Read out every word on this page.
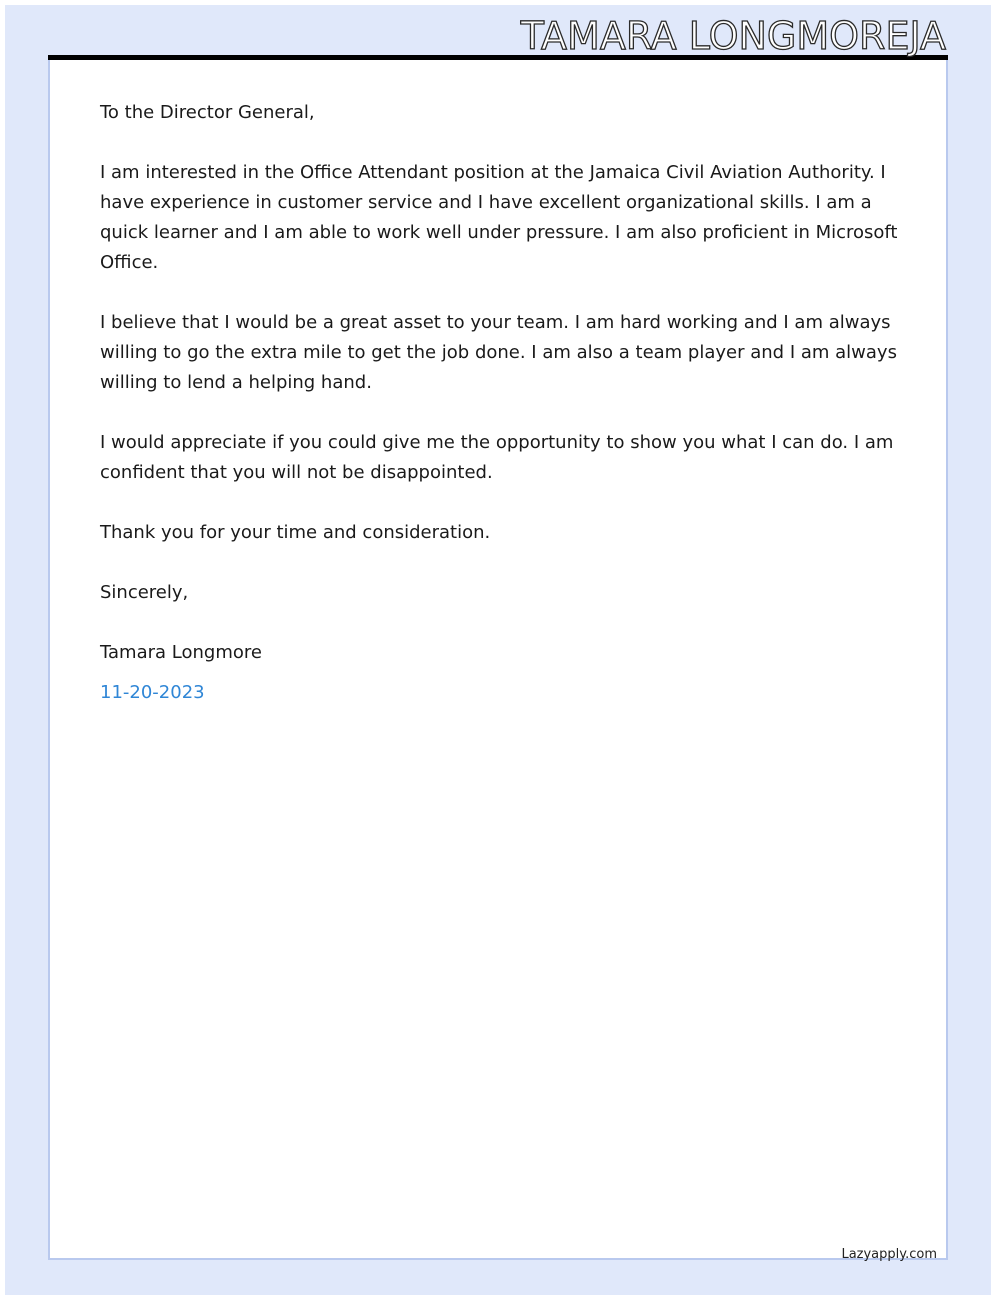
TAMARA LONGMOREJA

To the Director General,

I am interested in the Office Attendant position at the Jamaica Civil Aviation Authority. I have experience in customer service and I have excellent organizational skills. I am a quick learner and I am able to work well under pressure. I am also proficient in Microsoft Office.

I believe that I would be a great asset to your team. I am hard working and I am always willing to go the extra mile to get the job done. I am also a team player and I am always willing to lend a helping hand.

I would appreciate if you could give me the opportunity to show you what I can do. I am confident that you will not be disappointed.

Thank you for your time and consideration.

Sincerely,

Tamara Longmore

11-20-2023

Lazyapply.com
